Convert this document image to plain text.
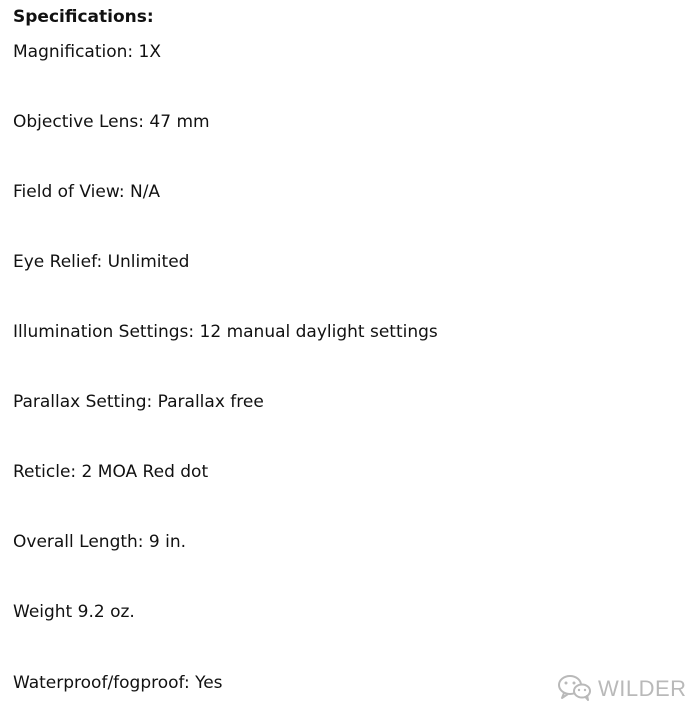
Specifications:
Magnification: 1X
Objective Lens: 47 mm
Field of View: N/A
Eye Relief: Unlimited
Illumination Settings: 12 manual daylight settings
Parallax Setting: Parallax free
Reticle: 2 MOA Red dot
Overall Length: 9 in.
Weight 9.2 oz.
Waterproof/fogproof: Yes	WILDER
